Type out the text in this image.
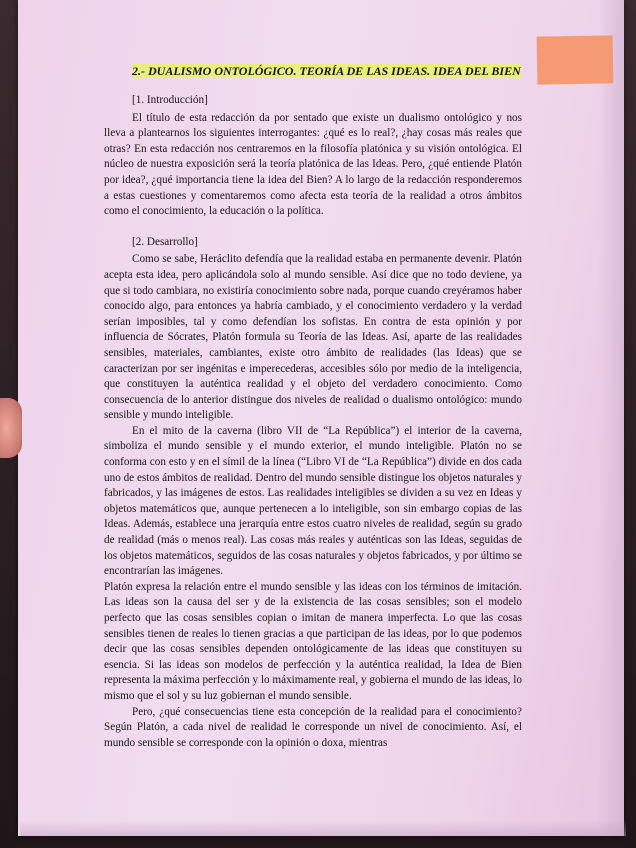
2.- DUALISMO ONTOLÓGICO. TEORÍA DE LAS IDEAS. IDEA DEL BIEN
[1. Introducción]

El título de esta redacción da por sentado que existe un dualismo ontológico y nos lleva a plantearnos los siguientes interrogantes: ¿qué es lo real?, ¿hay cosas más reales que otras? En esta redacción nos centraremos en la filosofía platónica y su visión ontológica. El núcleo de nuestra exposición será la teoría platónica de las Ideas. Pero, ¿qué entiende Platón por idea?, ¿qué importancia tiene la idea del Bien? A lo largo de la redacción responderemos a estas cuestiones y comentaremos como afecta esta teoría de la realidad a otros ámbitos como el conocimiento, la educación o la política.

[2. Desarrollo]

Como se sabe, Heráclito defendía que la realidad estaba en permanente devenir. Platón acepta esta idea, pero aplicándola solo al mundo sensible. Así dice que no todo deviene, ya que si todo cambiara, no existiría conocimiento sobre nada, porque cuando creyéramos haber conocido algo, para entonces ya habría cambiado, y el conocimiento verdadero y la verdad serían imposibles, tal y como defendían los sofistas. En contra de esta opinión y por influencia de Sócrates, Platón formula su Teoría de las Ideas. Así, aparte de las realidades sensibles, materiales, cambiantes, existe otro ámbito de realidades (las Ideas) que se caracterizan por ser ingénitas e imperecederas, accesibles sólo por medio de la inteligencia, que constituyen la auténtica realidad y el objeto del verdadero conocimiento. Como consecuencia de lo anterior distingue dos niveles de realidad o dualismo ontológico: mundo sensible y mundo inteligible.

En el mito de la caverna (libro VII de “La República”) el interior de la caverna, simboliza el mundo sensible y el mundo exterior, el mundo inteligible. Platón no se conforma con esto y en el símil de la línea (“Libro VI de “La República”) divide en dos cada uno de estos ámbitos de realidad. Dentro del mundo sensible distingue los objetos naturales y fabricados, y las imágenes de estos. Las realidades inteligibles se dividen a su vez en Ideas y objetos matemáticos que, aunque pertenecen a lo inteligible, son sin embargo copias de las Ideas. Además, establece una jerarquía entre estos cuatro niveles de realidad, según su grado de realidad (más o menos real). Las cosas más reales y auténticas son las Ideas, seguidas de los objetos matemáticos, seguidos de las cosas naturales y objetos fabricados, y por último se encontrarían las imágenes.

Platón expresa la relación entre el mundo sensible y las ideas con los términos de imitación. Las ideas son la causa del ser y de la existencia de las cosas sensibles; son el modelo perfecto que las cosas sensibles copian o imitan de manera imperfecta. Lo que las cosas sensibles tienen de reales lo tienen gracias a que participan de las ideas, por lo que podemos decir que las cosas sensibles dependen ontológicamente de las ideas que constituyen su esencia. Si las ideas son modelos de perfección y la auténtica realidad, la Idea de Bien representa la máxima perfección y lo máximamente real, y gobierna el mundo de las ideas, lo mismo que el sol y su luz gobiernan el mundo sensible.

Pero, ¿qué consecuencias tiene esta concepción de la realidad para el conocimiento? Según Platón, a cada nivel de realidad le corresponde un nivel de conocimiento. Así, el mundo sensible se corresponde con la opinión o doxa, mientras
